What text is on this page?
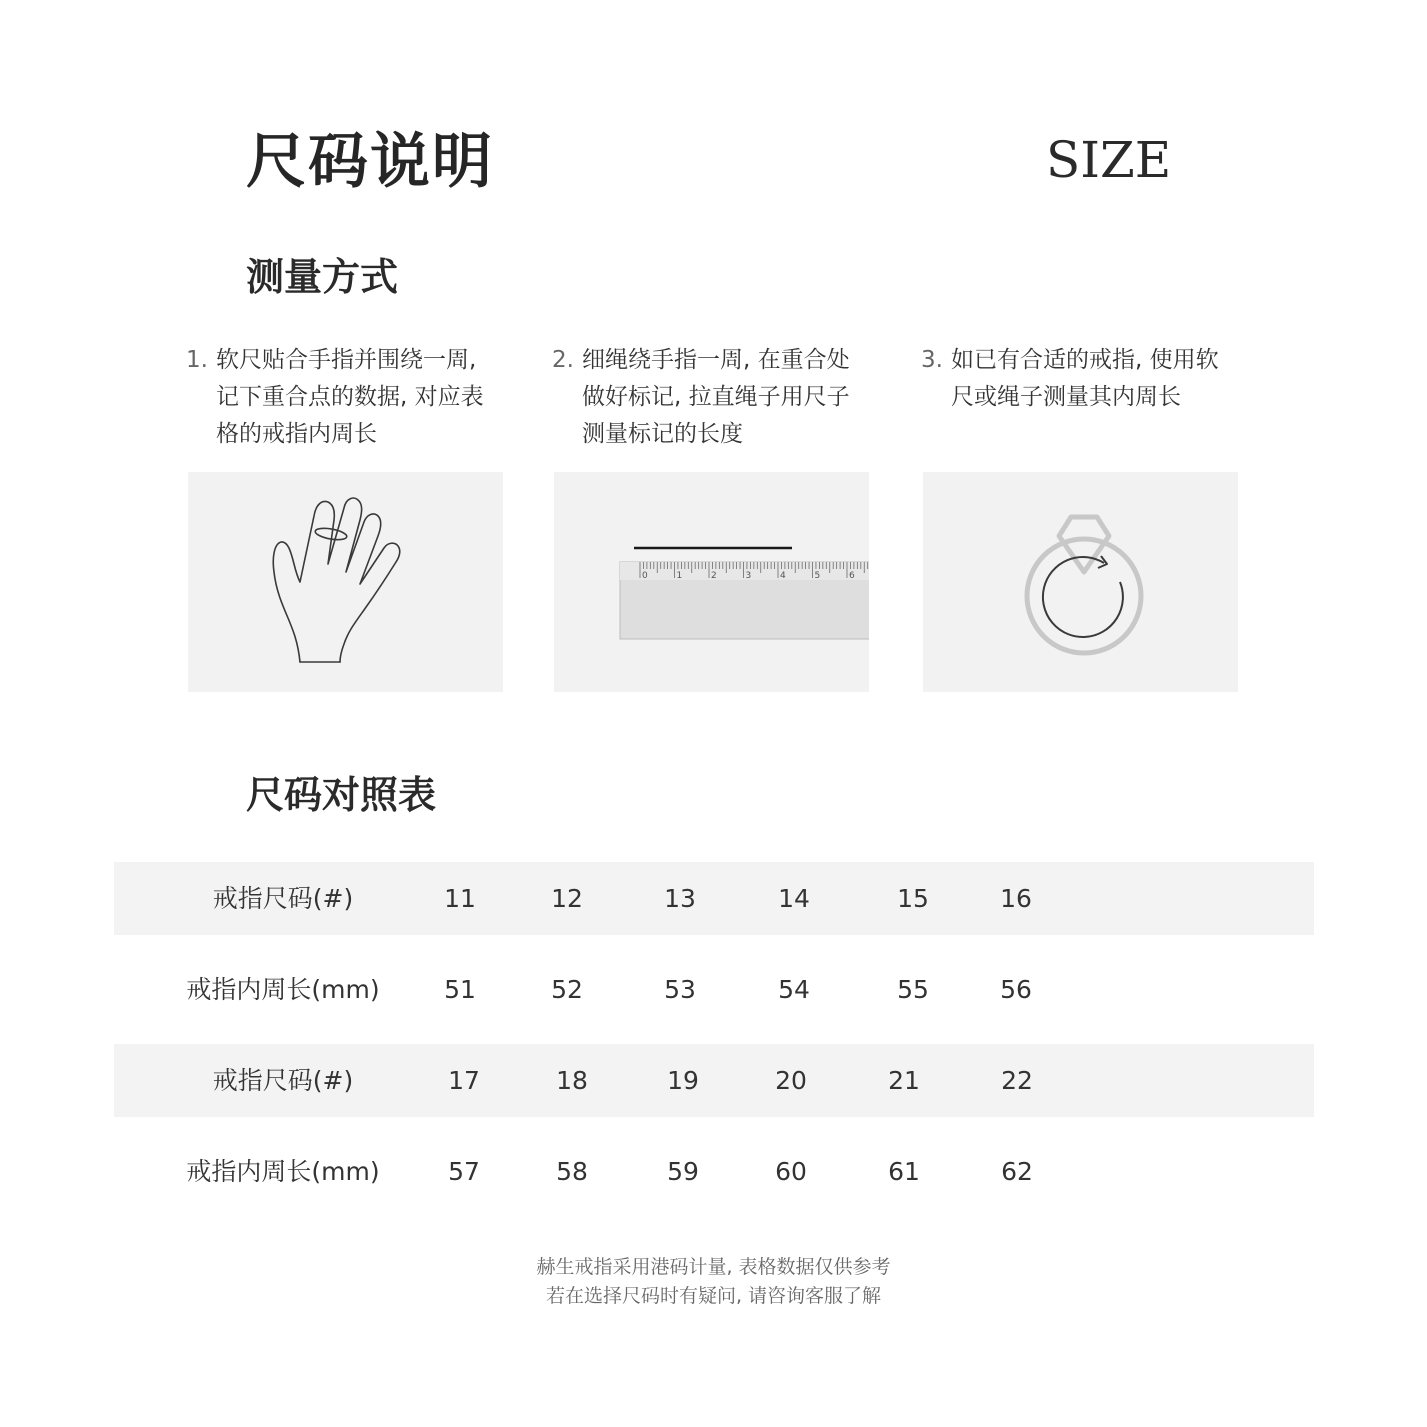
尺码说明	SIZE
测量方式
1. 软尺贴合手指并围绕一周, 记下重合点的数据, 对应表格的戒指内周长
2. 细绳绕手指一周, 在重合处做好标记, 拉直绳子用尺子测量标记的长度
3. 如已有合适的戒指, 使用软尺或绳子测量其内周长
0	1	2	3	4	5	6
尺码对照表
戒指尺码(#)	11	12	13	14	15	16
戒指内周长(mm)	51	52	53	54	55	56
戒指尺码(#)	17	18	19	20	21	22
戒指内周长(mm)	57	58	59	60	61	62
赫生戒指采用港码计量, 表格数据仅供参考
若在选择尺码时有疑问, 请咨询客服了解
